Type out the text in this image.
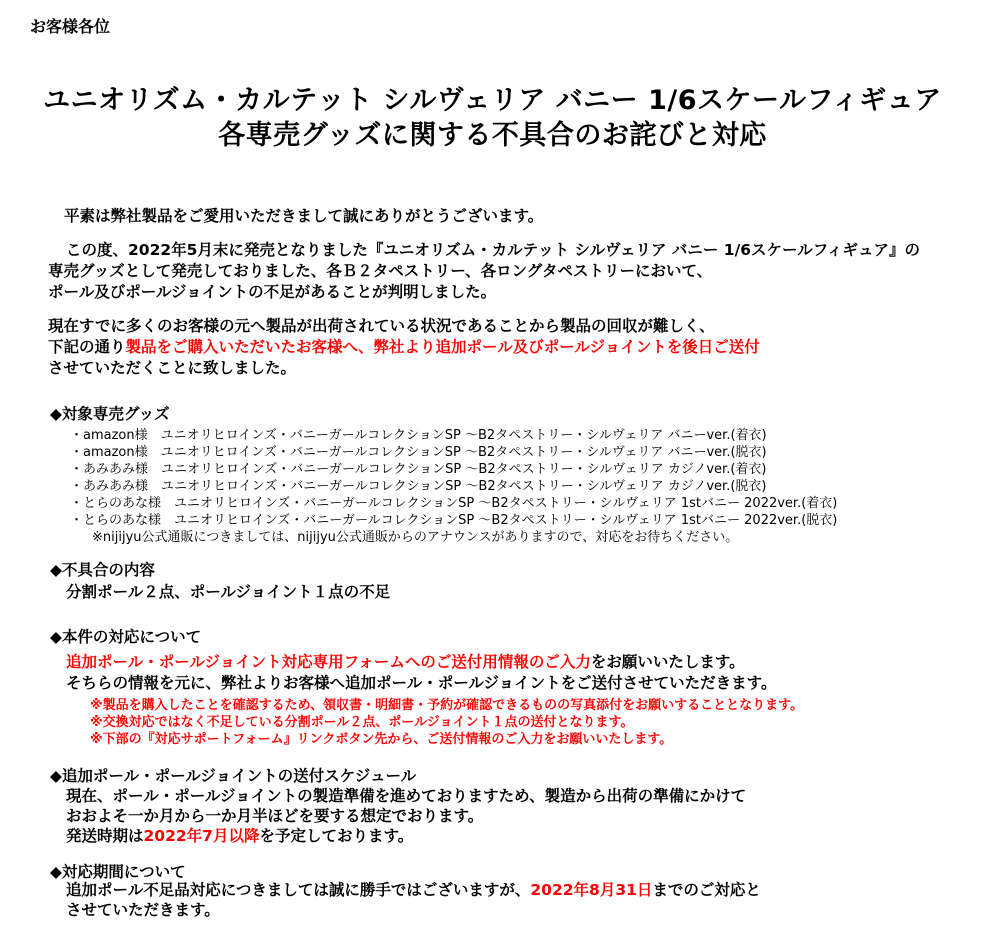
お客様各位
ユニオリズム・カルテット シルヴェリア バニー 1/6スケールフィギュア
各専売グッズに関する不具合のお詫びと対応
平素は弊社製品をご愛用いただきまして誠にありがとうございます。
この度、2022年5月末に発売となりました『ユニオリズム・カルテット シルヴェリア バニー 1/6スケールフィギュア』の
専売グッズとして発売しておりました、各Ｂ２タペストリー、各ロングタペストリーにおいて、
ポール及びポールジョイントの不足があることが判明しました。
現在すでに多くのお客様の元へ製品が出荷されている状況であることから製品の回収が難しく、
下記の通り製品をご購入いただいたお客様へ、弊社より追加ポール及びポールジョイントを後日ご送付
させていただくことに致しました。
◆対象専売グッズ
・amazon様　ユニオリヒロインズ・バニーガールコレクションSP ～B2タペストリー・シルヴェリア バニーver.(着衣)
・amazon様　ユニオリヒロインズ・バニーガールコレクションSP ～B2タペストリー・シルヴェリア バニーver.(脱衣)
・あみあみ様　ユニオリヒロインズ・バニーガールコレクションSP ～B2タペストリー・シルヴェリア カジノver.(着衣)
・あみあみ様　ユニオリヒロインズ・バニーガールコレクションSP ～B2タペストリー・シルヴェリア カジノver.(脱衣)
・とらのあな様　ユニオリヒロインズ・バニーガールコレクションSP ～B2タペストリー・シルヴェリア 1stバニー 2022ver.(着衣)
・とらのあな様　ユニオリヒロインズ・バニーガールコレクションSP ～B2タペストリー・シルヴェリア 1stバニー 2022ver.(脱衣)
※nijijyu公式通販につきましては、nijijyu公式通販からのアナウンスがありますので、対応をお待ちください。
◆不具合の内容
分割ポール２点、ポールジョイント１点の不足
◆本件の対応について
追加ポール・ポールジョイント対応専用フォームへのご送付用情報のご入力をお願いいたします。
そちらの情報を元に、弊社よりお客様へ追加ポール・ポールジョイントをご送付させていただきます。
※製品を購入したことを確認するため、領収書・明細書・予約が確認できるものの写真添付をお願いすることとなります。
※交換対応ではなく不足している分割ポール２点、ポールジョイント１点の送付となります。
※下部の『対応サポートフォーム』リンクボタン先から、ご送付情報のご入力をお願いいたします。
◆追加ポール・ポールジョイントの送付スケジュール
現在、ポール・ポールジョイントの製造準備を進めておりますため、製造から出荷の準備にかけて
おおよそ一か月から一か月半ほどを要する想定でおります。
発送時期は2022年7月以降を予定しております。
◆対応期間について
追加ポール不足品対応につきましては誠に勝手ではございますが、2022年8月31日までのご対応と
させていただきます。
